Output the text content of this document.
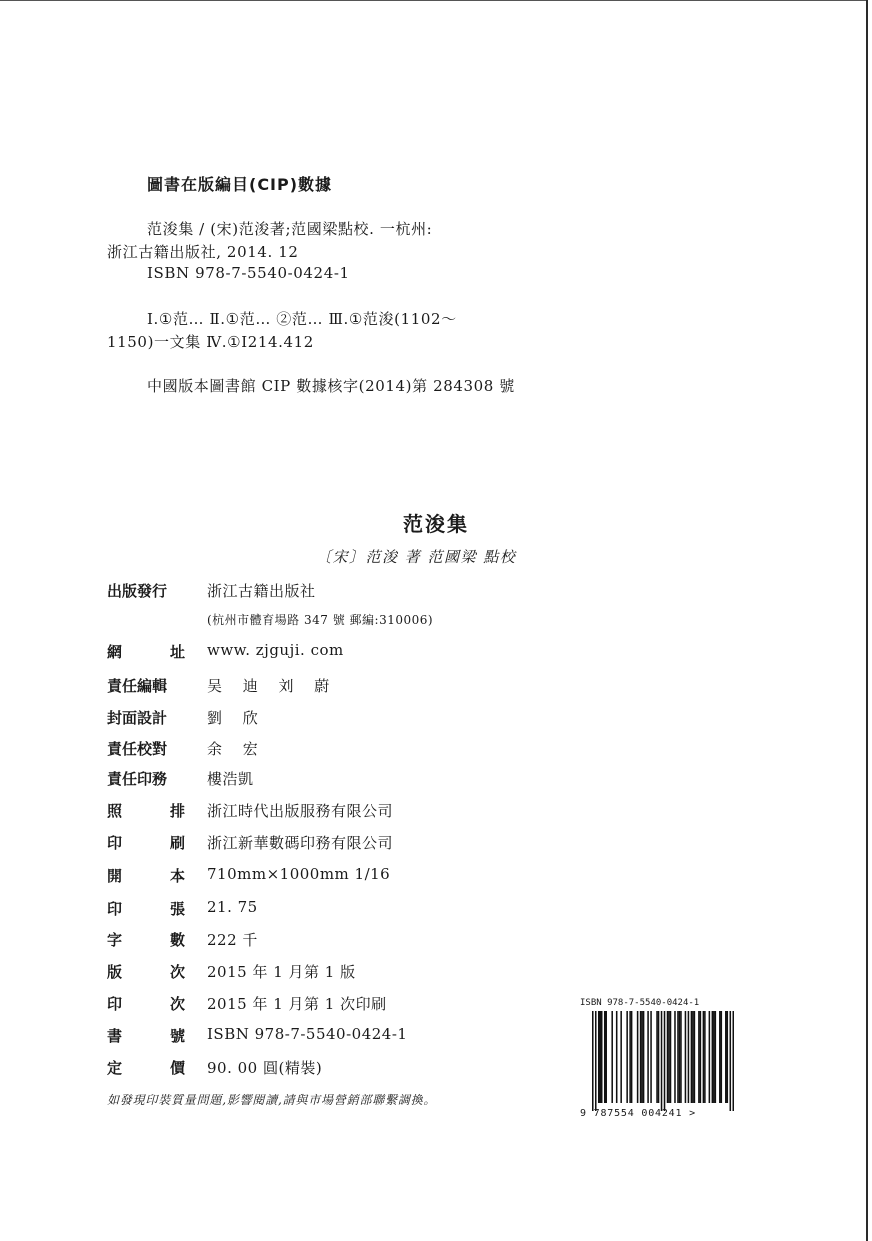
圖書在版編目(CIP)數據
范浚集 / (宋)范浚著;范國梁點校. 一杭州:
浙江古籍出版社, 2014. 12
ISBN 978-7-5540-0424-1
Ⅰ.①范… Ⅱ.①范… ②范… Ⅲ.①范浚(1102～
1150)一文集 Ⅳ.①I214.412
中國版本圖書館 CIP 數據核字(2014)第 284308 號
范浚集
〔宋〕范浚 著 范國梁 點校
出版發行	浙江古籍出版社
(杭州市體育場路 347 號 郵編:310006)
網	址 www. zjguji. com
責任編輯	吴 迪 刘 蔚
封面設計	劉 欣
責任校對	余 宏
責任印務	樓浩凱
照	排 浙江時代出版服務有限公司
印	刷 浙江新華數碼印務有限公司
開	本 710mm×1000mm 1/16
印	張 21. 75
字	數 222 千
版	次 2015 年 1 月第 1 版
印	次 2015 年 1 月第 1 次印刷
書	號 ISBN 978-7-5540-0424-1
定	價 90. 00 圓(精裝)
如發現印裝質量問題,影響閱讀,請與市場營銷部聯繫調換。
ISBN 978-7-5540-0424-1
9 787554 004241 >
